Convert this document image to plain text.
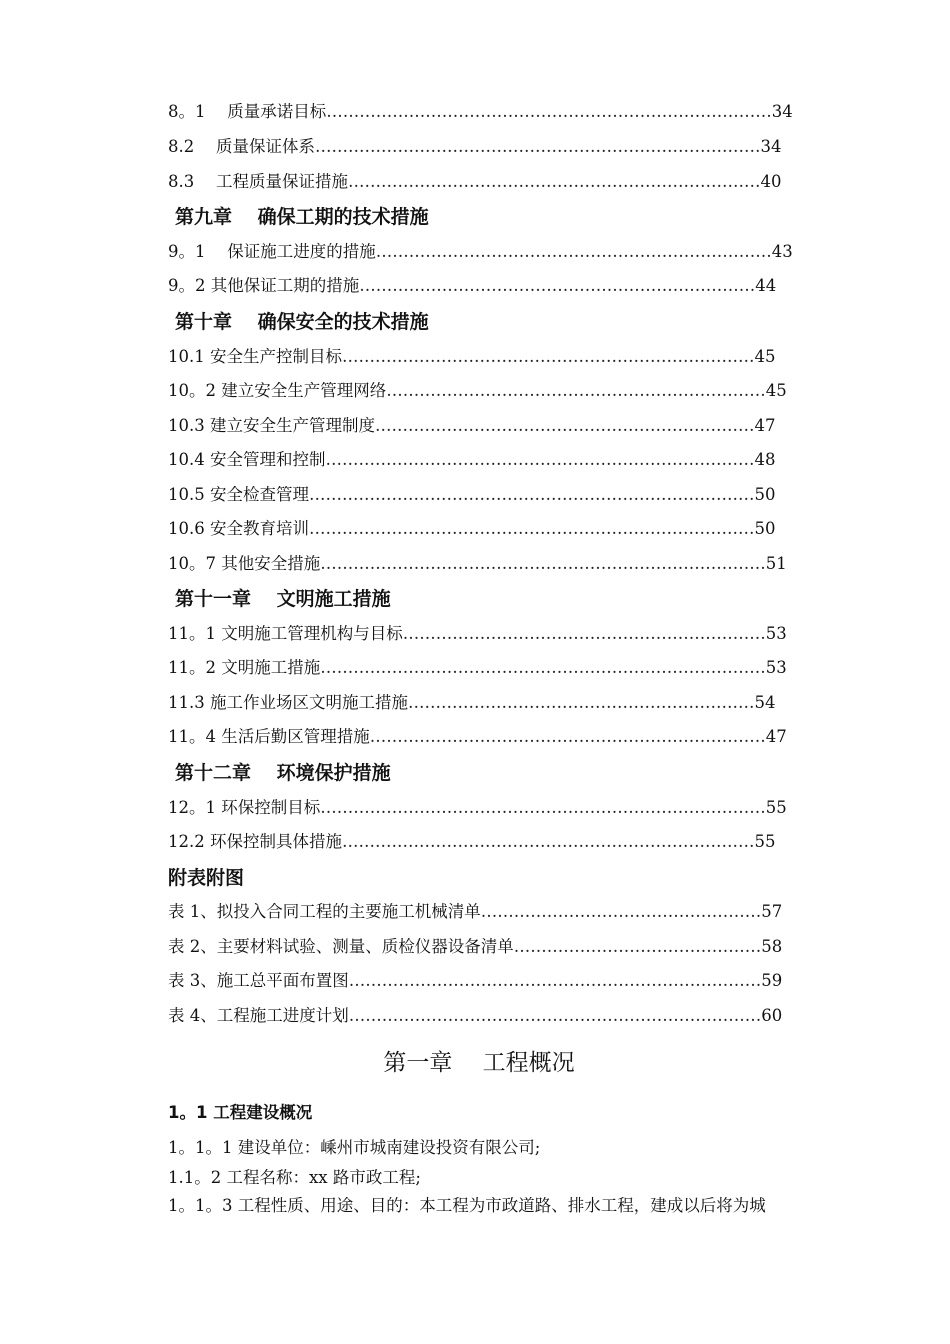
8。1　 质量承诺目标………………………………………………………………………34
8.2　 质量保证体系………………………………………………………………………34
8.3　 工程质量保证措施…………………………………………………………………40
第九章　 确保工期的技术措施
9。1　 保证施工进度的措施………………………………………………………………43
9。2 其他保证工期的措施………………………………………………………………44
第十章　 确保安全的技术措施
10.1 安全生产控制目标…………………………………………………………………45
10。2 建立安全生产管理网络……………………………………………………………45
10.3 建立安全生产管理制度……………………………………………………………47
10.4 安全管理和控制……………………………………………………………………48
10.5 安全检查管理………………………………………………………………………50
10.6 安全教育培训………………………………………………………………………50
10。7 其他安全措施………………………………………………………………………51
第十一章　 文明施工措施
11。1 文明施工管理机构与目标…………………………………………………………53
11。2 文明施工措施………………………………………………………………………53
11.3 施工作业场区文明施工措施………………………………………………………54
11。4 生活后勤区管理措施………………………………………………………………47
第十二章　 环境保护措施
12。1 环保控制目标………………………………………………………………………55
12.2 环保控制具体措施…………………………………………………………………55
附表附图
表 1、拟投入合同工程的主要施工机械清单……………………………………………57
表 2、主要材料试验、测量、质检仪器设备清单………………………………………58
表 3、施工总平面布置图…………………………………………………………………59
表 4、工程施工进度计划…………………………………………………………………60
第一章　 工程概况
1。1 工程建设概况
1。1。1 建设单位：嵊州市城南建设投资有限公司;
1.1。2 工程名称：xx 路市政工程;
1。1。3 工程性质、用途、目的：本工程为市政道路、排水工程，建成以后将为城
